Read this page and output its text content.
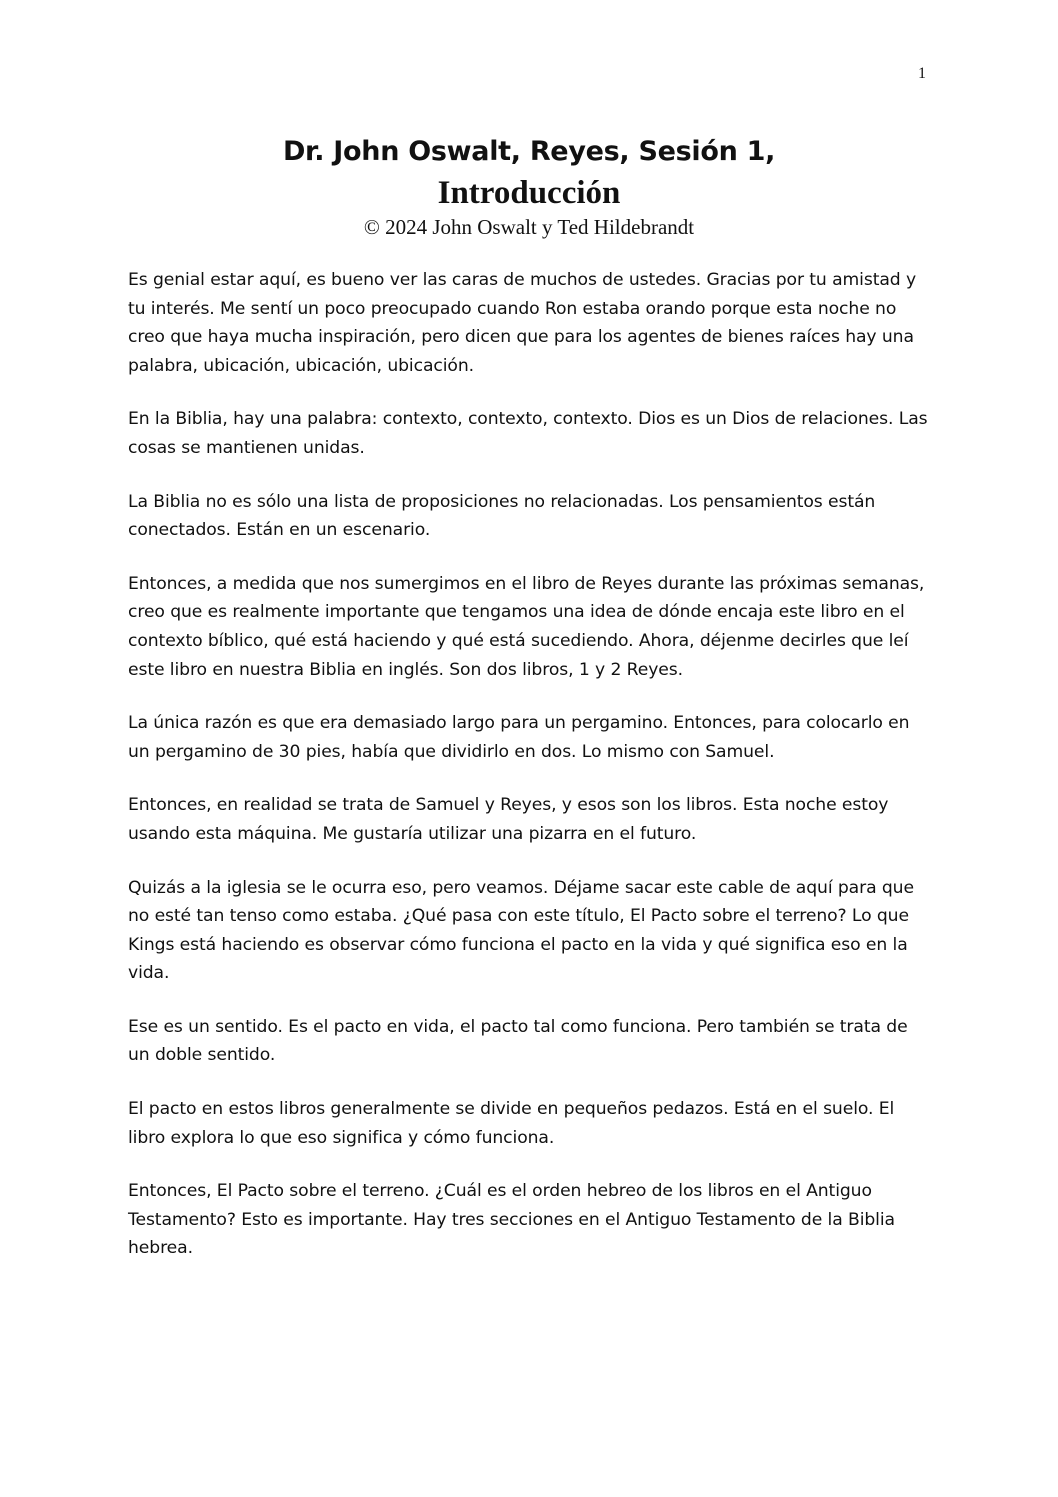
1
Dr. John Oswalt, Reyes, Sesión 1,
Introducción
© 2024 John Oswalt y Ted Hildebrandt

Es genial estar aquí, es bueno ver las caras de muchos de ustedes. Gracias por tu amistad y tu interés. Me sentí un poco preocupado cuando Ron estaba orando porque esta noche no creo que haya mucha inspiración, pero dicen que para los agentes de bienes raíces hay una palabra, ubicación, ubicación, ubicación.

En la Biblia, hay una palabra: contexto, contexto, contexto. Dios es un Dios de relaciones. Las cosas se mantienen unidas.

La Biblia no es sólo una lista de proposiciones no relacionadas. Los pensamientos están conectados. Están en un escenario.

Entonces, a medida que nos sumergimos en el libro de Reyes durante las próximas semanas, creo que es realmente importante que tengamos una idea de dónde encaja este libro en el contexto bíblico, qué está haciendo y qué está sucediendo. Ahora, déjenme decirles que leí este libro en nuestra Biblia en inglés. Son dos libros, 1 y 2 Reyes.

La única razón es que era demasiado largo para un pergamino. Entonces, para colocarlo en un pergamino de 30 pies, había que dividirlo en dos. Lo mismo con Samuel.

Entonces, en realidad se trata de Samuel y Reyes, y esos son los libros. Esta noche estoy usando esta máquina. Me gustaría utilizar una pizarra en el futuro.

Quizás a la iglesia se le ocurra eso, pero veamos. Déjame sacar este cable de aquí para que no esté tan tenso como estaba. ¿Qué pasa con este título, El Pacto sobre el terreno? Lo que Kings está haciendo es observar cómo funciona el pacto en la vida y qué significa eso en la vida.

Ese es un sentido. Es el pacto en vida, el pacto tal como funciona. Pero también se trata de un doble sentido.

El pacto en estos libros generalmente se divide en pequeños pedazos. Está en el suelo. El libro explora lo que eso significa y cómo funciona.

Entonces, El Pacto sobre el terreno. ¿Cuál es el orden hebreo de los libros en el Antiguo Testamento? Esto es importante. Hay tres secciones en el Antiguo Testamento de la Biblia hebrea.
